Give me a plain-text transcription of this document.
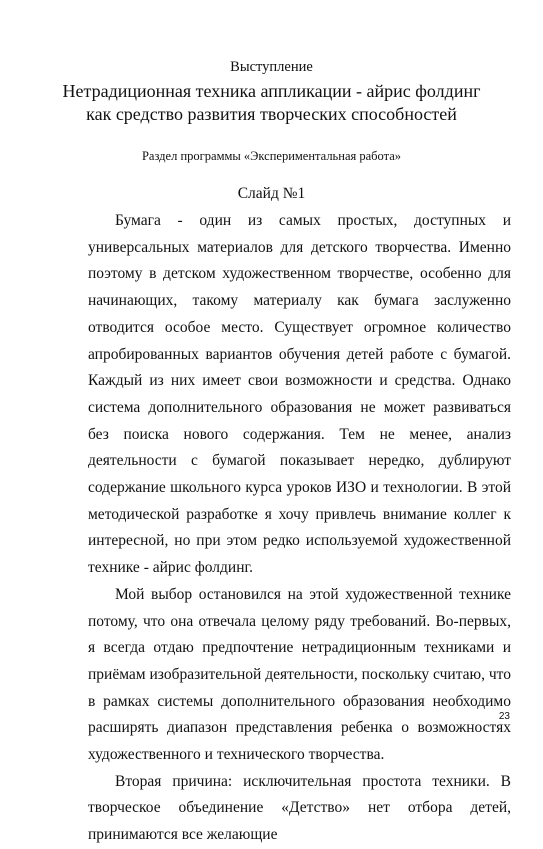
Выступление
Нетрадиционная техника аппликации - айрис фолдинг
как средство развития творческих способностей
Раздел программы «Экспериментальная работа»
Слайд №1

Бумага - один из самых простых, доступных и универсальных материалов для детского творчества. Именно поэтому в детском художественном творчестве, особенно для начинающих, такому материалу как бумага заслуженно отводится особое место. Существует огромное количество апробированных вариантов обучения детей работе с бумагой. Каждый из них имеет свои возможности и средства. Однако система дополнительного образования не может развиваться без поиска нового содержания. Тем не менее, анализ деятельности с бумагой показывает нередко, дублируют содержание школьного курса уроков ИЗО и технологии. В этой методической разработке я хочу привлечь внимание коллег к интересной, но при этом редко используемой художественной технике - айрис фолдинг.

Мой выбор остановился на этой художественной технике потому, что она отвечала целому ряду требований. Во-первых, я всегда отдаю предпочтение нетрадиционным техниками и приёмам изобразительной деятельности, поскольку считаю, что в рамках системы дополнительного образования необходимо расширять диапазон представления ребенка о возможностях художественного и технического творчества.

Вторая причина: исключительная простота техники. В творческое объединение «Детство» нет отбора детей, принимаются все желающие

23
